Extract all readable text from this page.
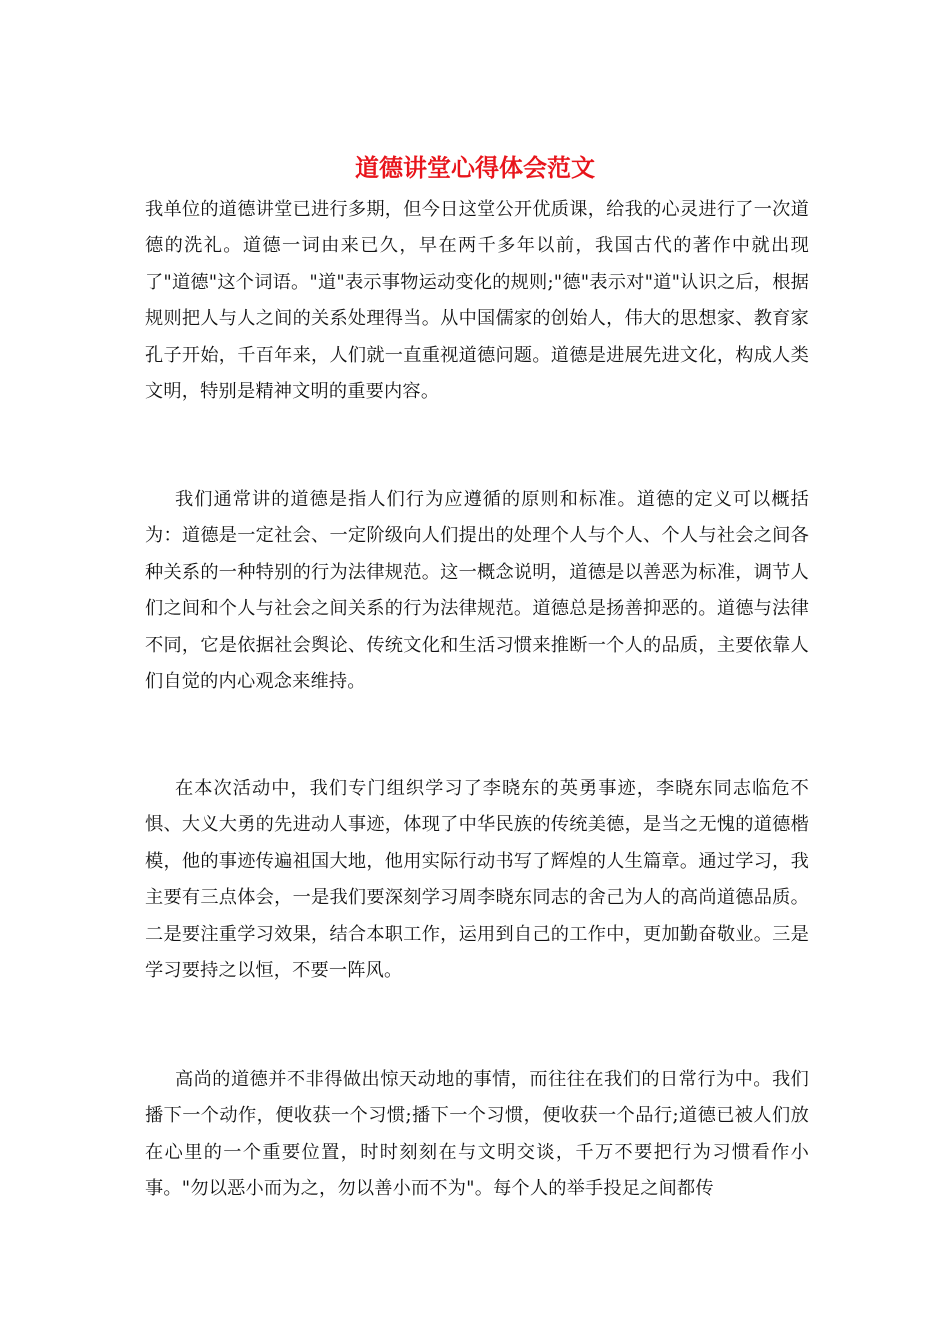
道德讲堂心得体会范文

我单位的道德讲堂已进行多期，但今日这堂公开优质课，给我的心灵进行了一次道德的洗礼。道德一词由来已久，早在两千多年以前，我国古代的著作中就出现了"道德"这个词语。"道"表示事物运动变化的规则;"德"表示对"道"认识之后，根据规则把人与人之间的关系处理得当。从中国儒家的创始人，伟大的思想家、教育家孔子开始，千百年来，人们就一直重视道德问题。道德是进展先进文化，构成人类文明，特别是精神文明的重要内容。

我们通常讲的道德是指人们行为应遵循的原则和标准。道德的定义可以概括为：道德是一定社会、一定阶级向人们提出的处理个人与个人、个人与社会之间各种关系的一种特别的行为法律规范。这一概念说明，道德是以善恶为标准，调节人们之间和个人与社会之间关系的行为法律规范。道德总是扬善抑恶的。道德与法律不同，它是依据社会舆论、传统文化和生活习惯来推断一个人的品质，主要依靠人们自觉的内心观念来维持。

在本次活动中，我们专门组织学习了李晓东的英勇事迹，李晓东同志临危不惧、大义大勇的先进动人事迹，体现了中华民族的传统美德，是当之无愧的道德楷模，他的事迹传遍祖国大地，他用实际行动书写了辉煌的人生篇章。通过学习，我主要有三点体会，一是我们要深刻学习周李晓东同志的舍己为人的高尚道德品质。二是要注重学习效果，结合本职工作，运用到自己的工作中，更加勤奋敬业。三是学习要持之以恒，不要一阵风。

高尚的道德并不非得做出惊天动地的事情，而往往在我们的日常行为中。我们播下一个动作，便收获一个习惯;播下一个习惯，便收获一个品行;道德已被人们放在心里的一个重要位置，时时刻刻在与文明交谈，千万不要把行为习惯看作小事。"勿以恶小而为之，勿以善小而不为"。每个人的举手投足之间都传
